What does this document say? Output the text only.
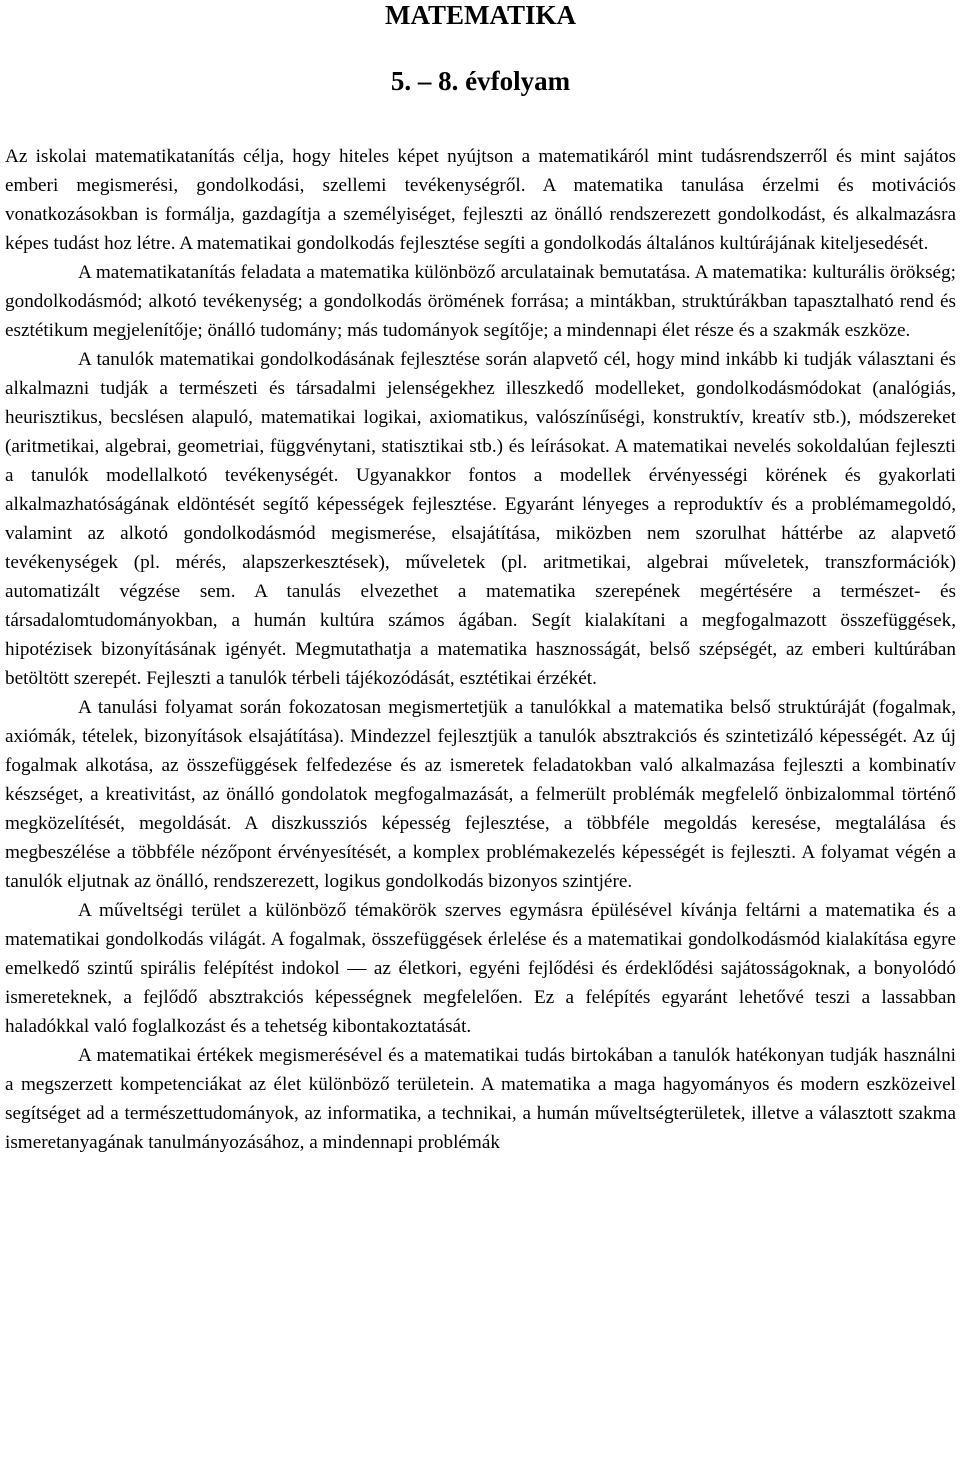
MATEMATIKA
5. – 8. évfolyam

Az iskolai matematikatanítás célja, hogy hiteles képet nyújtson a matematikáról mint tudásrendszerről és mint sajátos emberi megismerési, gondolkodási, szellemi tevékenységről. A matematika tanulása érzelmi és motivációs vonatkozásokban is formálja, gazdagítja a személyiséget, fejleszti az önálló rendszerezett gondolkodást, és alkalmazásra képes tudást hoz létre. A matematikai gondolkodás fejlesztése segíti a gondolkodás általános kultúrájának kiteljesedését.

A matematikatanítás feladata a matematika különböző arculatainak bemutatása. A matematika: kulturális örökség; gondolkodásmód; alkotó tevékenység; a gondolkodás örömének forrása; a mintákban, struktúrákban tapasztalható rend és esztétikum megjelenítője; önálló tudomány; más tudományok segítője; a mindennapi élet része és a szakmák eszköze.

A tanulók matematikai gondolkodásának fejlesztése során alapvető cél, hogy mind inkább ki tudják választani és alkalmazni tudják a természeti és társadalmi jelenségekhez illeszkedő modelleket, gondolkodásmódokat (analógiás, heurisztikus, becslésen alapuló, matematikai logikai, axiomatikus, valószínűségi, konstruktív, kreatív stb.), módszereket (aritmetikai, algebrai, geometriai, függvénytani, statisztikai stb.) és leírásokat. A matematikai nevelés sokoldalúan fejleszti a tanulók modellalkotó tevékenységét. Ugyanakkor fontos a modellek érvényességi körének és gyakorlati alkalmazhatóságának eldöntését segítő képességek fejlesztése. Egyaránt lényeges a reproduktív és a problémamegoldó, valamint az alkotó gondolkodásmód megismerése, elsajátítása, miközben nem szorulhat háttérbe az alapvető tevékenységek (pl. mérés, alapszerkesztések), műveletek (pl. aritmetikai, algebrai műveletek, transzformációk) automatizált végzése sem. A tanulás elvezethet a matematika szerepének megértésére a természet- és társadalomtudományokban, a humán kultúra számos ágában. Segít kialakítani a megfogalmazott összefüggések, hipotézisek bizonyításának igényét. Megmutathatja a matematika hasznosságát, belső szépségét, az emberi kultúrában betöltött szerepét. Fejleszti a tanulók térbeli tájékozódását, esztétikai érzékét.

A tanulási folyamat során fokozatosan megismertetjük a tanulókkal a matematika belső struktúráját (fogalmak, axiómák, tételek, bizonyítások elsajátítása). Mindezzel fejlesztjük a tanulók absztrakciós és szintetizáló képességét. Az új fogalmak alkotása, az összefüggések felfedezése és az ismeretek feladatokban való alkalmazása fejleszti a kombinatív készséget, a kreativitást, az önálló gondolatok megfogalmazását, a felmerült problémák megfelelő önbizalommal történő megközelítését, megoldását. A diszkussziós képesség fejlesztése, a többféle megoldás keresése, megtalálása és megbeszélése a többféle nézőpont érvényesítését, a komplex problémakezelés képességét is fejleszti. A folyamat végén a tanulók eljutnak az önálló, rendszerezett, logikus gondolkodás bizonyos szintjére.

A műveltségi terület a különböző témakörök szerves egymásra épülésével kívánja feltárni a matematika és a matematikai gondolkodás világát. A fogalmak, összefüggések érlelése és a matematikai gondolkodásmód kialakítása egyre emelkedő szintű spirális felépítést indokol — az életkori, egyéni fejlődési és érdeklődési sajátosságoknak, a bonyolódó ismereteknek, a fejlődő absztrakciós képességnek megfelelően. Ez a felépítés egyaránt lehetővé teszi a lassabban haladókkal való foglalkozást és a tehetség kibontakoztatását.

A matematikai értékek megismerésével és a matematikai tudás birtokában a tanulók hatékonyan tudják használni a megszerzett kompetenciákat az élet különböző területein. A matematika a maga hagyományos és modern eszközeivel segítséget ad a természettudományok, az informatika, a technikai, a humán műveltségterületek, illetve a választott szakma ismeretanyagának tanulmányozásához, a mindennapi problémák
